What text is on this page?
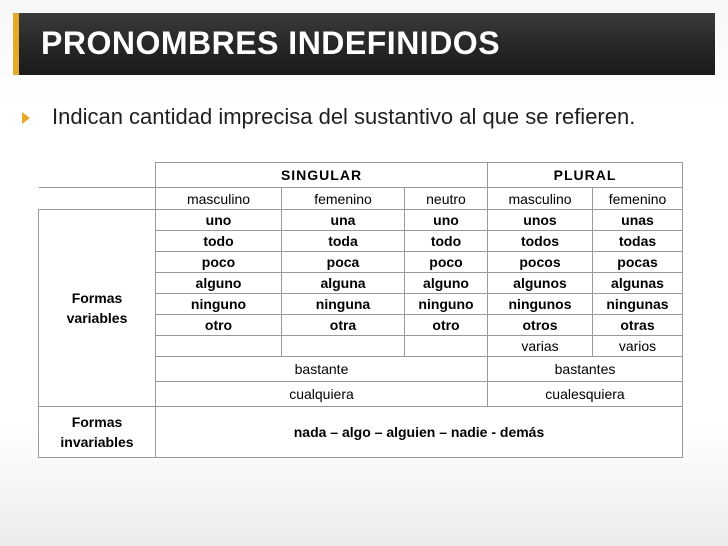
PRONOMBRES INDEFINIDOS
Indican cantidad imprecisa del sustantivo al que se refieren.
	SINGULAR			PLURAL	
	masculino	femenino	neutro	masculino	femenino
Formas
variables	uno	una	uno	unos	unas
	todo	toda	todo	todos	todas
	poco	poca	poco	pocos	pocas
	alguno	alguna	alguno	algunos	algunas
	ninguno	ninguna	ninguno	ningunos	ningunas
	otro	otra	otro	otros	otras
				varias	varios
	bastante			bastantes	
	cualquiera			cualesquiera	
Formas
invariables	nada – algo – alguien – nadie - demás				
